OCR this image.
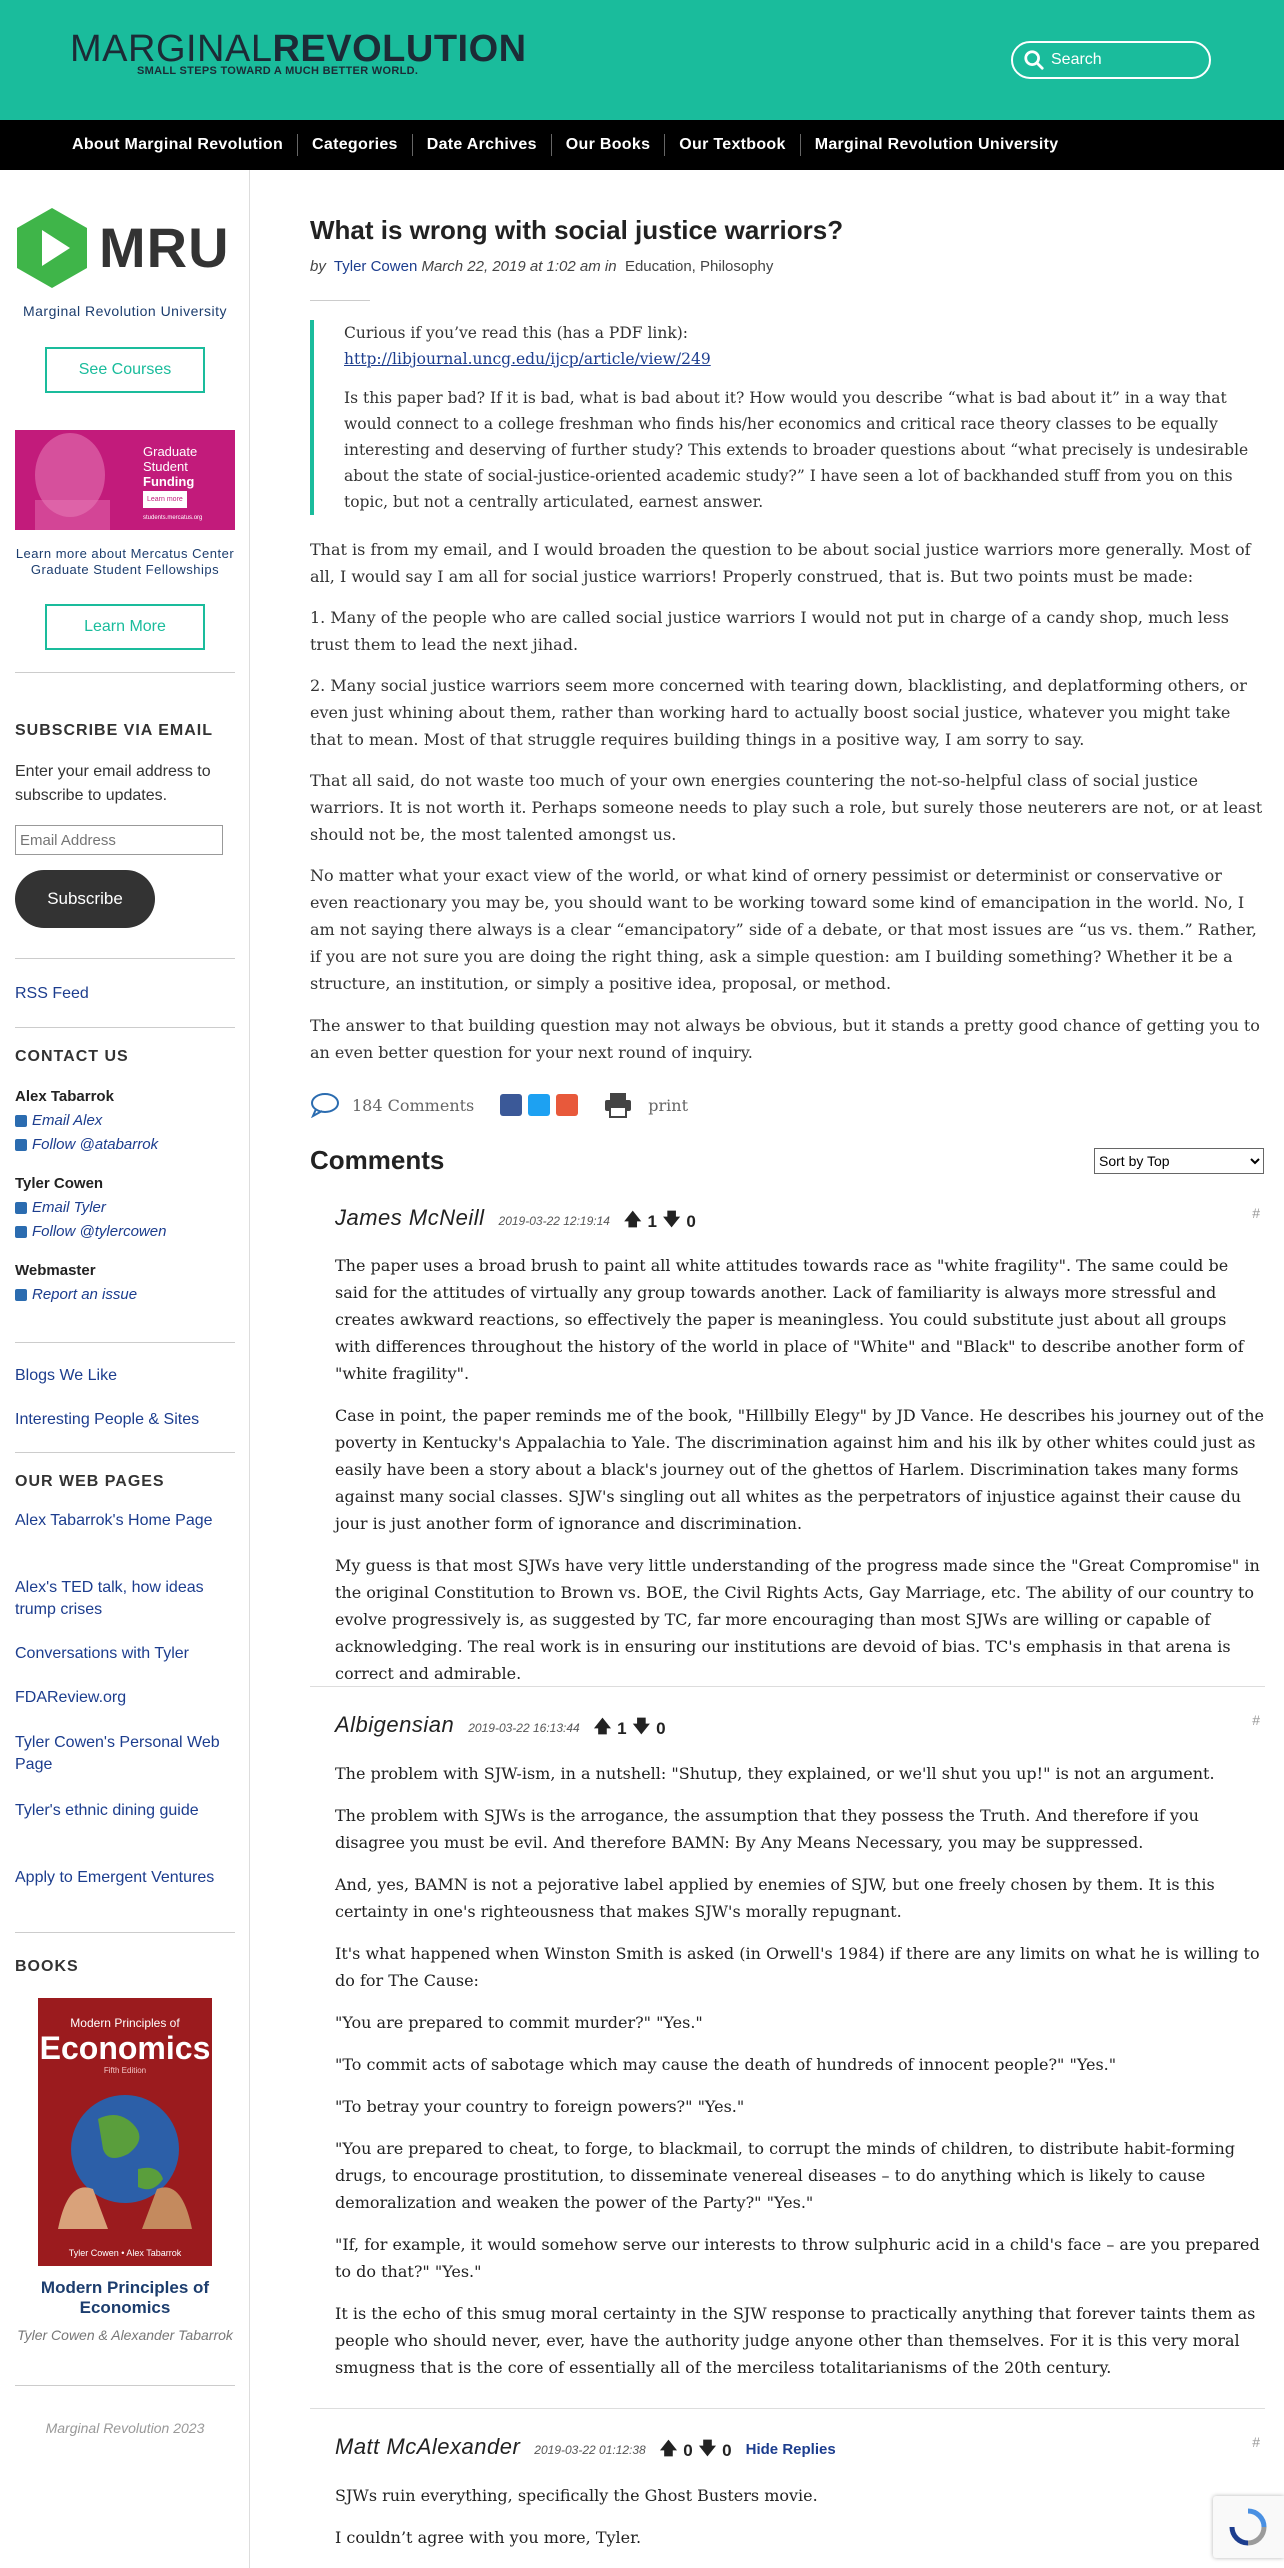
MARGINALREVOLUTION
SMALL STEPS TOWARD A MUCH BETTER WORLD.
Search
About Marginal Revolution	Categories	Date Archives	Our Books	Our Textbook	Marginal Revolution University
MRU
Marginal Revolution University
See Courses
Graduate
Student
Funding
Learn more
students.mercatus.org
Learn more about Mercatus Center Graduate Student Fellowships
Learn More
SUBSCRIBE VIA EMAIL
Enter your email address to subscribe to updates.
Email Address
Subscribe
RSS Feed
CONTACT US
Alex Tabarrok
Email Alex
Follow @atabarrok
Tyler Cowen
Email Tyler
Follow @tylercowen
Webmaster
Report an issue
Blogs We Like
Interesting People & Sites
OUR WEB PAGES
Alex Tabarrok's Home Page
Alex's TED talk, how ideas trump crises
Conversations with Tyler
FDAReview.org
Tyler Cowen's Personal Web Page
Tyler's ethnic dining guide
Apply to Emergent Ventures
BOOKS
Modern Principles of
Economics
Fifth Edition
Tyler Cowen • Alex Tabarrok
Modern Principles of Economics
Tyler Cowen & Alexander Tabarrok
Marginal Revolution 2023
What is wrong with social justice warriors?
by Tyler Cowen March 22, 2019 at 1:02 am in Education, Philosophy

Curious if you’ve read this (has a PDF link):

http://libjournal.uncg.edu/ijcp/article/view/249

Is this paper bad? If it is bad, what is bad about it? How would you describe “what is bad about it” in a way that would connect to a college freshman who finds his/her economics and critical race theory classes to be equally interesting and deserving of further study? This extends to broader questions about “what precisely is undesirable about the state of social-justice-oriented academic study?” I have seen a lot of backhanded stuff from you on this topic, but not a centrally articulated, earnest answer.

That is from my email, and I would broaden the question to be about social justice warriors more generally. Most of all, I would say I am all for social justice warriors! Properly construed, that is. But two points must be made:
1. Many of the people who are called social justice warriors I would not put in charge of a candy shop, much less trust them to lead the next jihad.
2. Many social justice warriors seem more concerned with tearing down, blacklisting, and deplatforming others, or even just whining about them, rather than working hard to actually boost social justice, whatever you might take that to mean. Most of that struggle requires building things in a positive way, I am sorry to say.
That all said, do not waste too much of your own energies countering the not-so-helpful class of social justice warriors. It is not worth it. Perhaps someone needs to play such a role, but surely those neuterers are not, or at least should not be, the most talented amongst us.
No matter what your exact view of the world, or what kind of ornery pessimist or determinist or conservative or even reactionary you may be, you should want to be working toward some kind of emancipation in the world. No, I am not saying there always is a clear “emancipatory” side of a debate, or that most issues are “us vs. them.” Rather, if you are not sure you are doing the right thing, ask a simple question: am I building something? Whether it be a structure, an institution, or simply a positive idea, proposal, or method.
The answer to that building question may not always be obvious, but it stands a pretty good chance of getting you to an even better question for your next round of inquiry.
184 Comments	print
Comments
Sort by Top
James McNeill 2019-03-22 12:19:14 🡅 1 🡇 0	#

The paper uses a broad brush to paint all white attitudes towards race as "white fragility". The same could be said for the attitudes of virtually any group towards another. Lack of familiarity is always more stressful and creates awkward reactions, so effectively the paper is meaningless. You could substitute just about all groups with differences throughout the history of the world in place of "White" and "Black" to describe another form of "white fragility".

Case in point, the paper reminds me of the book, "Hillbilly Elegy" by JD Vance. He describes his journey out of the poverty in Kentucky's Appalachia to Yale. The discrimination against him and his ilk by other whites could just as easily have been a story about a black's journey out of the ghettos of Harlem. Discrimination takes many forms against many social classes. SJW's singling out all whites as the perpetrators of injustice against their cause du jour is just another form of ignorance and discrimination.

My guess is that most SJWs have very little understanding of the progress made since the "Great Compromise" in the original Constitution to Brown vs. BOE, the Civil Rights Acts, Gay Marriage, etc. The ability of our country to evolve progressively is, as suggested by TC, far more encouraging than most SJWs are willing or capable of acknowledging. The real work is in ensuring our institutions are devoid of bias. TC's emphasis in that arena is correct and admirable.

Albigensian 2019-03-22 16:13:44 🡅 1 🡇 0	#

The problem with SJW-ism, in a nutshell: "Shutup, they explained, or we'll shut you up!" is not an argument.

The problem with SJWs is the arrogance, the assumption that they possess the Truth. And therefore if you disagree you must be evil. And therefore BAMN: By Any Means Necessary, you may be suppressed.

And, yes, BAMN is not a pejorative label applied by enemies of SJW, but one freely chosen by them. It is this certainty in one's righteousness that makes SJW's morally repugnant.

It's what happened when Winston Smith is asked (in Orwell's 1984) if there are any limits on what he is willing to do for The Cause:

"You are prepared to commit murder?" "Yes."

"To commit acts of sabotage which may cause the death of hundreds of innocent people?" "Yes."

"To betray your country to foreign powers?" "Yes."

"You are prepared to cheat, to forge, to blackmail, to corrupt the minds of children, to distribute habit-forming drugs, to encourage prostitution, to disseminate venereal diseases – to do anything which is likely to cause demoralization and weaken the power of the Party?" "Yes."

"If, for example, it would somehow serve our interests to throw sulphuric acid in a child's face – are you prepared to do that?" "Yes."

It is the echo of this smug moral certainty in the SJW response to practically anything that forever taints them as people who should never, ever, have the authority judge anyone other than themselves. For it is this very moral smugness that is the core of essentially all of the merciless totalitarianisms of the 20th century.

Matt McAlexander 2019-03-22 01:12:38 🡅 0 🡇 0 Hide Replies	#

SJWs ruin everything, specifically the Ghost Busters movie.

I couldn’t agree with you more, Tyler.
